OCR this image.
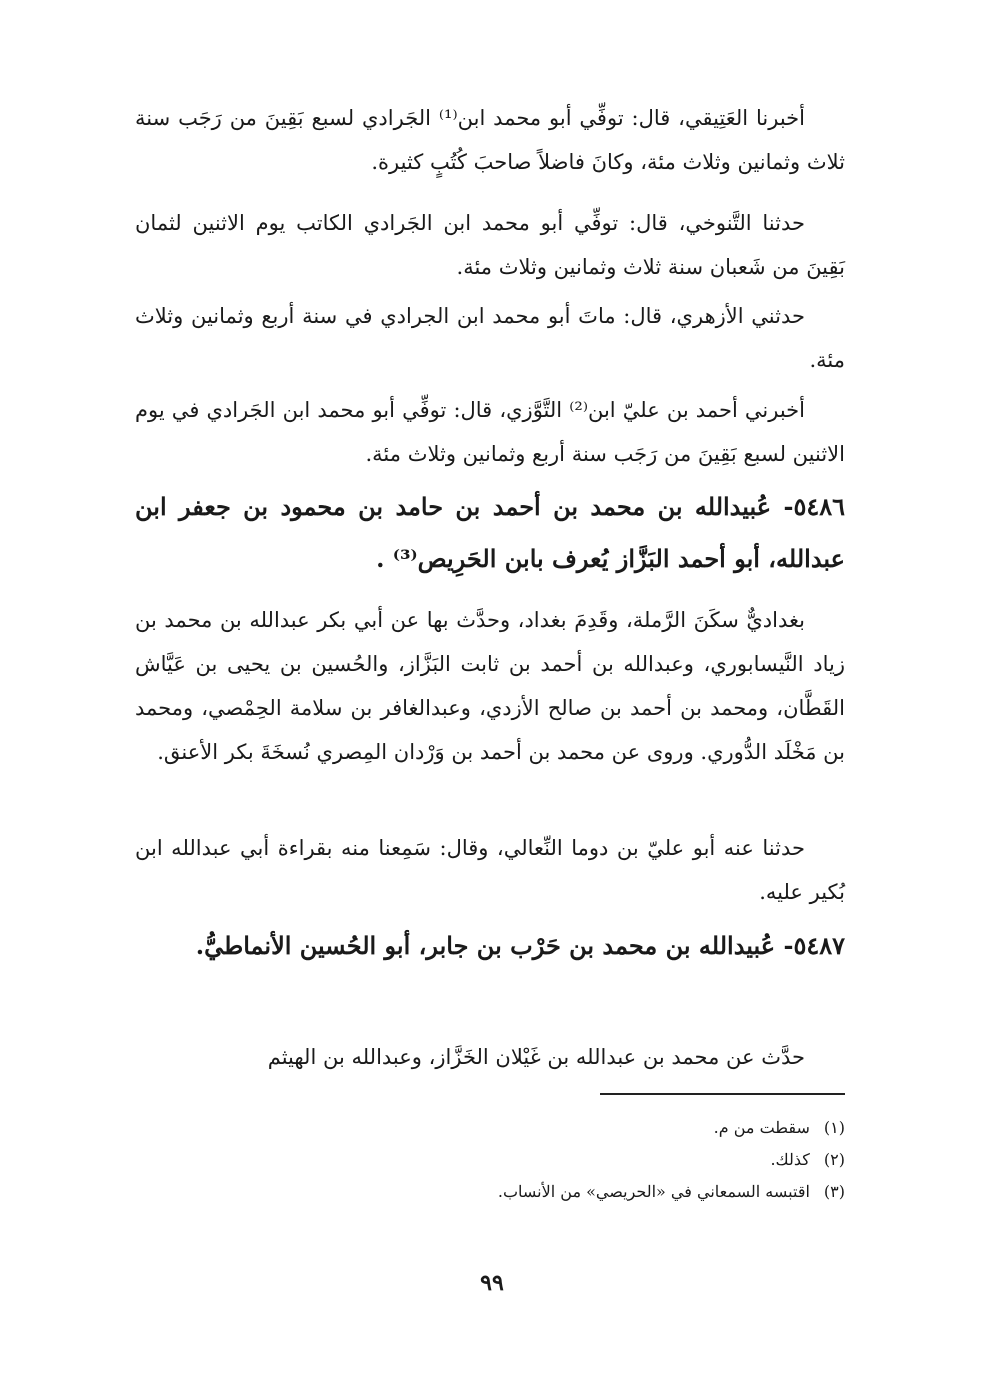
أخبرنا العَتِيقي، قال: توفِّي أبو محمد ابن⁽¹⁾ الجَرادي لسبع بَقِينَ من رَجَب سنة ثلاث وثمانين وثلاث مئة، وكانَ فاضلاً صاحبَ كُتُبٍ كثيرة.

حدثنا التَّنوخي، قال: توفِّي أبو محمد ابن الجَرادي الكاتب يوم الاثنين لثمان بَقِينَ من شَعبان سنة ثلاث وثمانين وثلاث مئة.

حدثني الأزهري، قال: ماتَ أبو محمد ابن الجرادي في سنة أربع وثمانين وثلاث مئة.

أخبرني أحمد بن عليّ ابن⁽²⁾ التَّوَّزي، قال: توفِّي أبو محمد ابن الجَرادي في يوم الاثنين لسبع بَقِينَ من رَجَب سنة أربع وثمانين وثلاث مئة.

٥٤٨٦- عُبيدالله بن محمد بن أحمد بن حامد بن محمود بن جعفر ابن عبدالله، أبو أحمد البَزَّاز يُعرف بابن الحَرِيص⁽³⁾ .

بغداديٌّ سكَنَ الرَّملة، وقَدِمَ بغداد، وحدَّث بها عن أبي بكر عبدالله بن محمد بن زياد النَّيسابوري، وعبدالله بن أحمد بن ثابت البَزَّاز، والحُسين بن يحيى بن عَيَّاش القَطَّان، ومحمد بن أحمد بن صالح الأزدي، وعبدالغافر بن سلامة الحِمْصي، ومحمد بن مَخْلَد الدُّوري. وروى عن محمد بن أحمد بن وَرْدان المِصري نُسخَةَ بكر الأعنق.

حدثنا عنه أبو عليّ بن دوما النِّعالي، وقال: سَمِعنا منه بقراءة أبي عبدالله ابن بُكير عليه.

٥٤٨٧- عُبيدالله بن محمد بن حَرْب بن جابر، أبو الحُسين الأنماطيُّ.

حدَّث عن محمد بن عبدالله بن غَيْلان الخَزَّاز، وعبدالله بن الهيثم

(١)سقطت من م.
(٢)كذلك.
(٣)اقتبسه السمعاني في «الحريصي» من الأنساب.
٩٩
